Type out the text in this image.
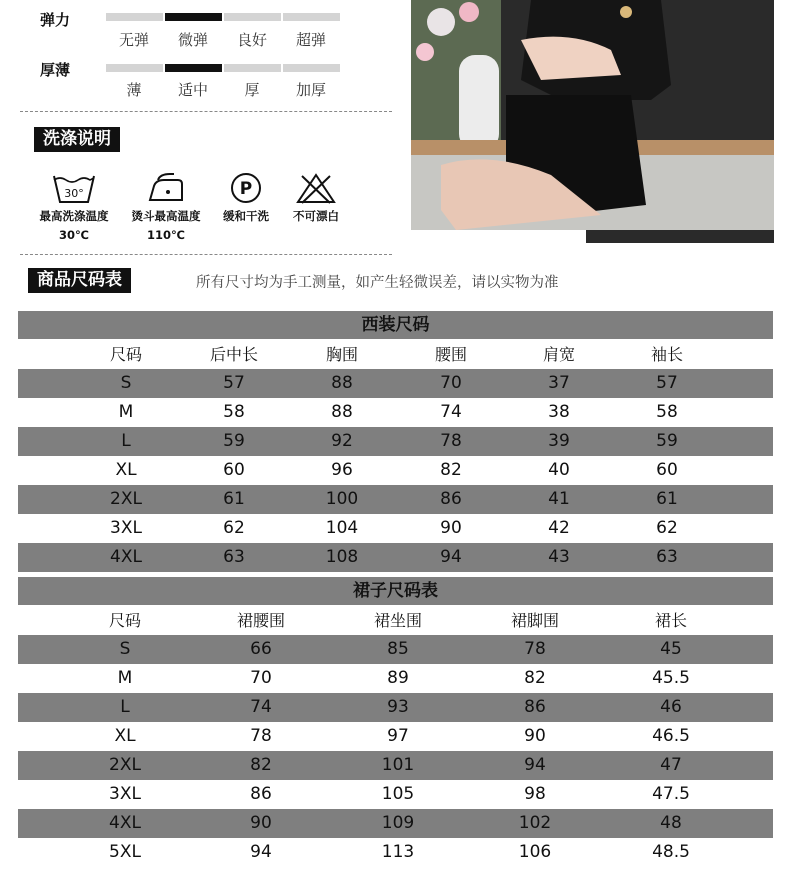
弹力
无弹	微弹	良好	超弹
厚薄
薄	适中	厚	加厚
洗涤说明
30°
最高洗涤温度
30℃
烫斗最高温度
110℃
P
缓和干洗	不可漂白
商品尺码表	所有尺寸均为手工测量，如产生轻微误差，请以实物为准
西装尺码
尺码	后中长	胸围	腰围	肩宽	袖长
S	57	88	70	37	57
M	58	88	74	38	58
L	59	92	78	39	59
XL	60	96	82	40	60
2XL	61	100	86	41	61
3XL	62	104	90	42	62
4XL	63	108	94	43	63
裙子尺码表
尺码	裙腰围	裙坐围	裙脚围	裙长
S	66	85	78	45
M	70	89	82	45.5
L	74	93	86	46
XL	78	97	90	46.5
2XL	82	101	94	47
3XL	86	105	98	47.5
4XL	90	109	102	48
5XL	94	113	106	48.5
